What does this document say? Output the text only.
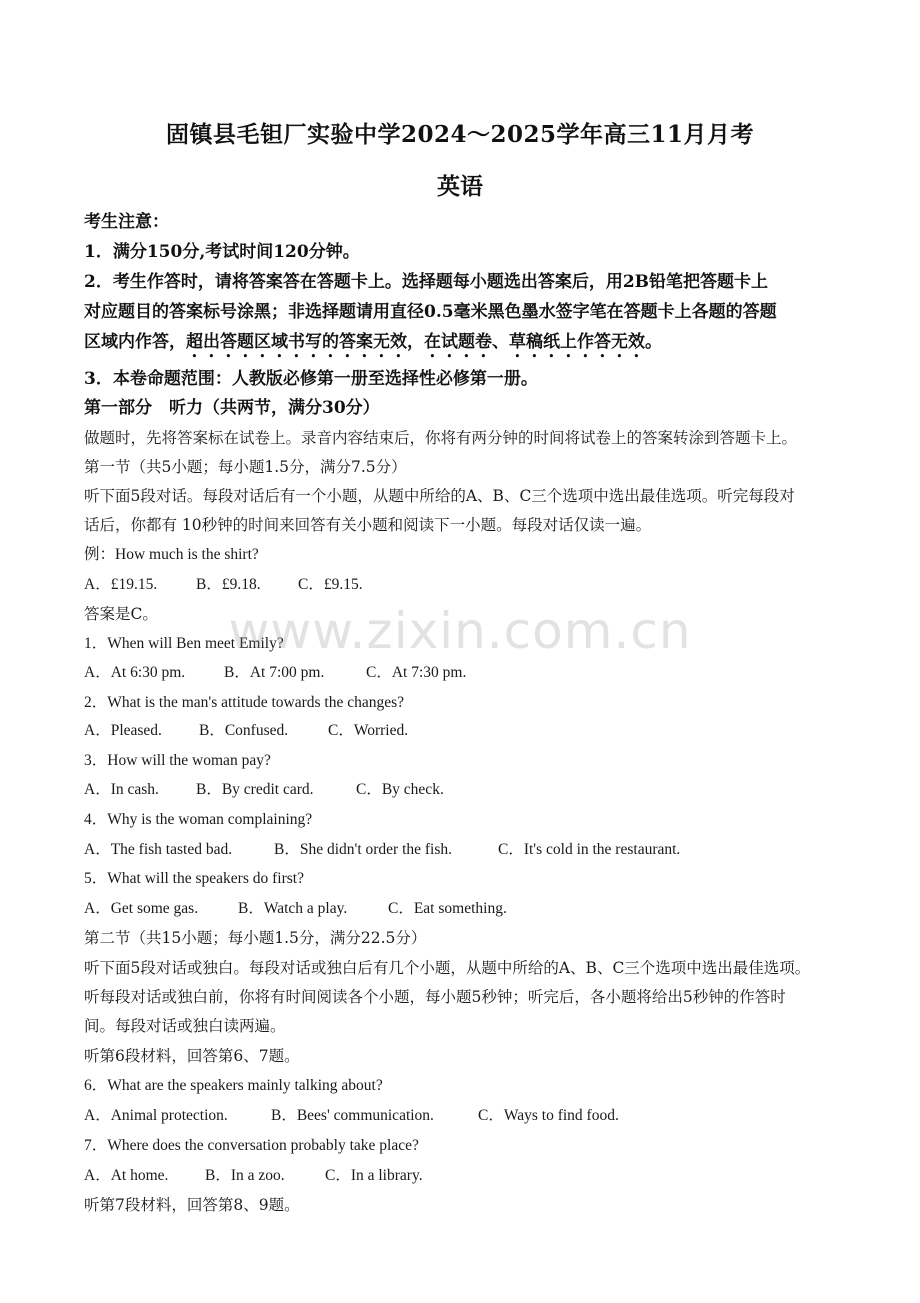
固镇县毛钽厂实验中学2024～2025学年高三11月月考
英语
考生注意：
1．满分150分,考试时间120分钟。
2．考生作答时，请将答案答在答题卡上。选择题每小题选出答案后，用2B铅笔把答题卡上
对应题目的答案标号涂黑；非选择题请用直径0.5毫米黑色墨水签字笔在答题卡上各题的答题
区域内作答，超出答题区域书写的答案无效，在试题卷、草稿纸上作答无效。
3．本卷命题范围：人教版必修第一册至选择性必修第一册。
第一部分　听力（共两节，满分30分）
做题时，先将答案标在试卷上。录音内容结束后，你将有两分钟的时间将试卷上的答案转涂到答题卡上。
第一节（共5小题；每小题1.5分，满分7.5分）
听下面5段对话。每段对话后有一个小题，从题中所给的A、B、C三个选项中选出最佳选项。听完每段对
话后，你都有 10秒钟的时间来回答有关小题和阅读下一小题。每段对话仅读一遍。
例：How much is the shirt?
A．£19.15.	B．£9.18. C．£9.15.
答案是C。
1．When will Ben meet Emily?
A．At 6:30 pm.	B．At 7:00 pm.	C．At 7:30 pm.
2．What is the man's attitude towards the changes?
A．Pleased. B．Confused.	C．Worried.
3．How will the woman pay?
A．In cash. B．By credit card.	C．By check.
4．Why is the woman complaining?
A．The fish tasted bad.	B．She didn't order the fish.	C．It's cold in the restaurant.
5．What will the speakers do first?
A．Get some gas.	B．Watch a play.	C．Eat something.
第二节（共15小题；每小题1.5分，满分22.5分）
听下面5段对话或独白。每段对话或独白后有几个小题，从题中所给的A、B、C三个选项中选出最佳选项。
听每段对话或独白前，你将有时间阅读各个小题，每小题5秒钟；听完后，各小题将给出5秒钟的作答时
间。每段对话或独白读两遍。
听第6段材料，回答第6、7题。
6．What are the speakers mainly talking about?
A．Animal protection.	B．Bees' communication.	C．Ways to find food.
7．Where does the conversation probably take place?
A．At home. B．In a zoo.	C．In a library.
听第7段材料，回答第8、9题。
www.zixin.com.cn
